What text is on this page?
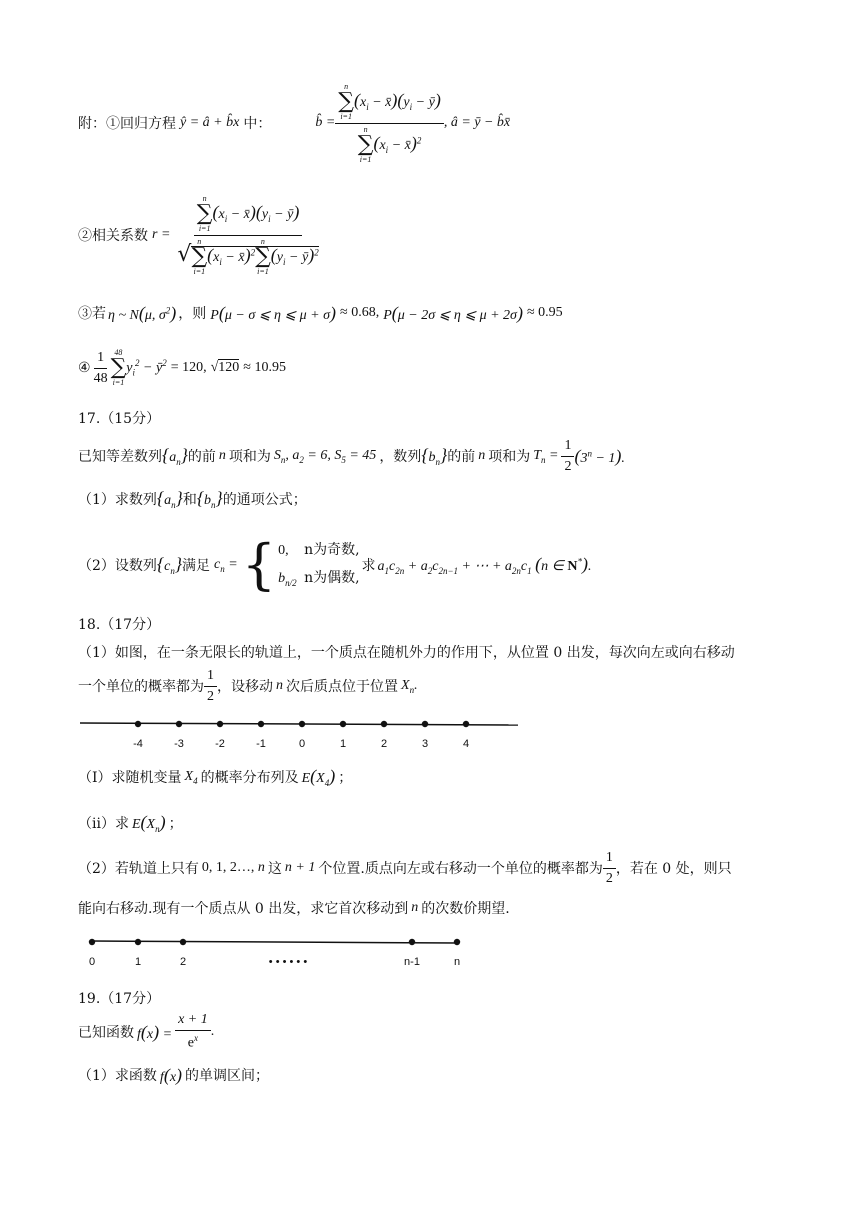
附：①回归方程 ŷ = â + b̂x 中：	b̂ = n
∑
i=1
($x_i$ − $x̄)(y_i$ − ȳ)
n
∑
i=1
($x_i$ − x̄)$^2$ , â = ȳ − b̂x̄
②相关系数 r = n
∑
i=1
($x_i$ − $x̄)(y_i$ − ȳ)
√
n
∑
i=1
($x_i$ − x̄)$^2$
n
∑
i=1
($y_i$ − ȳ)$^2$
③若 η ~ N(μ, $\sigma^2$) ，则 P(μ − σ ⩽ η ⩽ μ + σ) ≈ 0.68, P(μ − 2σ ⩽ η ⩽ μ + 2σ) ≈ 0.95
④ $\frac{1}{48} 48$
∑
i=1
$y_i^2$ − $ȳ^2 = 120$, √120 ≈ 10.95
17.（15分）
已知等差数列 $\{a_n\}$ 的前 n 项和为 $S_n$, $a_2 = 6$, $S_5 = 45$ ，数列 $\{b_n\}$ 的前 n 项和为 $T_n = \frac{1}{2} (3^n - 1)$.
（1）求数列 $\{a_n\}$ 和 $\{b_n\}$ 的通项公式；
（2）设数列 $\{c_n\}$ 满足 $c_n$ = { 0, n为奇数,
$b_{n/2}$ n为偶数,
求 $a_1c_{2n} + a_2c_{2n-1}$ + ⋯ + $a_{2n}c_1$ (n ∈ N*).
18.（17分）
（1）如图，在一条无限长的轨道上，一个质点在随机外力的作用下，从位置 0 出发，每次向左或向右移动
一个单位的概率都为 $\frac{1}{2}$ ，设移动 n 次后质点位于位置 $X_n$.
-4	-3	-2	-1	0	1	2	3	4
（I）求随机变量 $X_4$ 的概率分布列及 $E(X_4)$ ；
（ii）求 $E(X_n)$ ；
（2）若轨道上只有 0, 1, 2…, n 这 n + 1 个位置.质点向左或右移动一个单位的概率都为 $\frac{1}{2}$ ，若在 0 处，则只
能向右移动.现有一个质点从 0 出发，求它首次移动到 n 的次数价期望.
0	1	2	• • • • • •	n-1	n
19.（17分）
已知函数 $f(x) = \frac{x + 1}{e^x}$ .
（1）求函数 f(x) 的单调区间；
